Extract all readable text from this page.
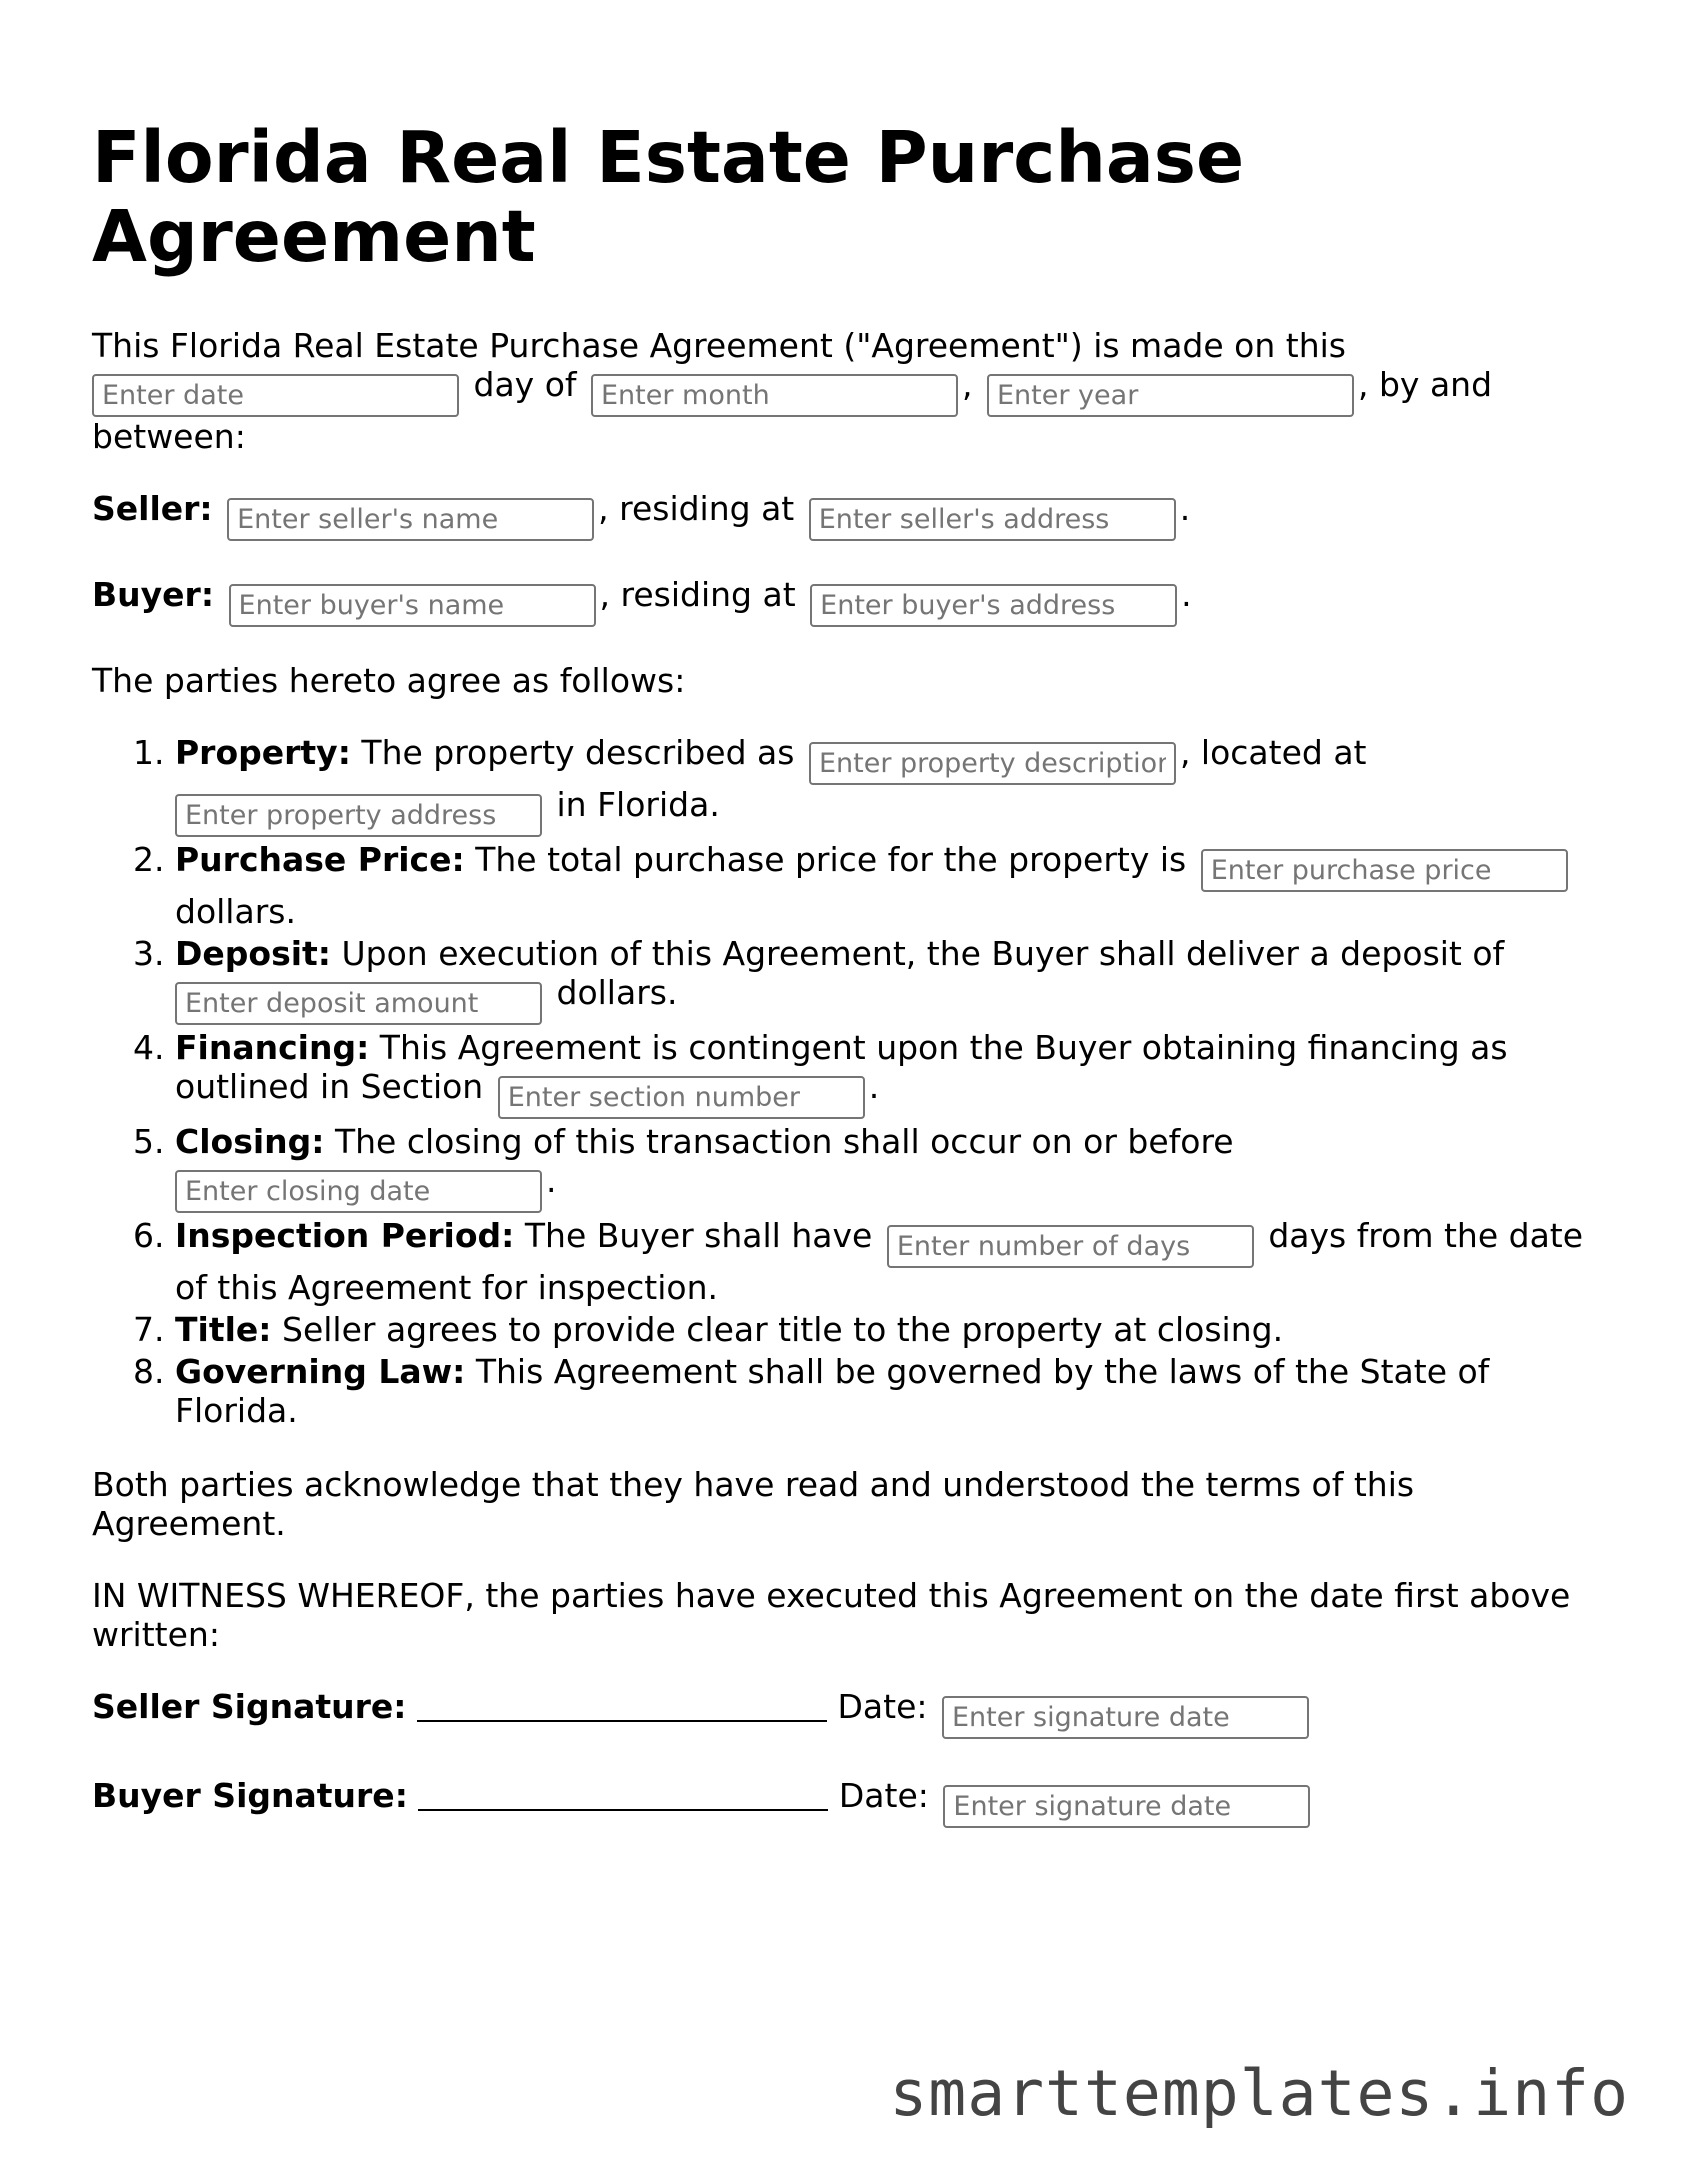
Florida Real Estate Purchase Agreement

This Florida Real Estate Purchase Agreement ("Agreement") is made on this
Enter date day of Enter month	, Enter year	, by and between:

Seller: Enter seller's name	, residing at Enter seller's address	.

Buyer: Enter buyer's name	, residing at Enter buyer's address	.

The parties hereto agree as follows:

1. Property: The property described as Enter property description	, located at
Enter property address in Florida.
2. Purchase Price: The total purchase price for the property is Enter purchase price dollars.
3. Deposit: Upon execution of this Agreement, the Buyer shall deliver a deposit of
Enter deposit amount dollars.
4. Financing: This Agreement is contingent upon the Buyer obtaining financing as outlined in Section Enter section number	.
5. Closing: The closing of this transaction shall occur on or before
Enter closing date.
6. Inspection Period: The Buyer shall have Enter number of days	days from the date of this Agreement for inspection.
7. Title: Seller agrees to provide clear title to the property at closing.
8. Governing Law: This Agreement shall be governed by the laws of the State of Florida.

Both parties acknowledge that they have read and understood the terms of this Agreement.

IN WITNESS WHEREOF, the parties have executed this Agreement on the date first above written:

Seller Signature:	Date: Enter signature date

Buyer Signature:	Date: Enter signature date

smarttemplates.info
